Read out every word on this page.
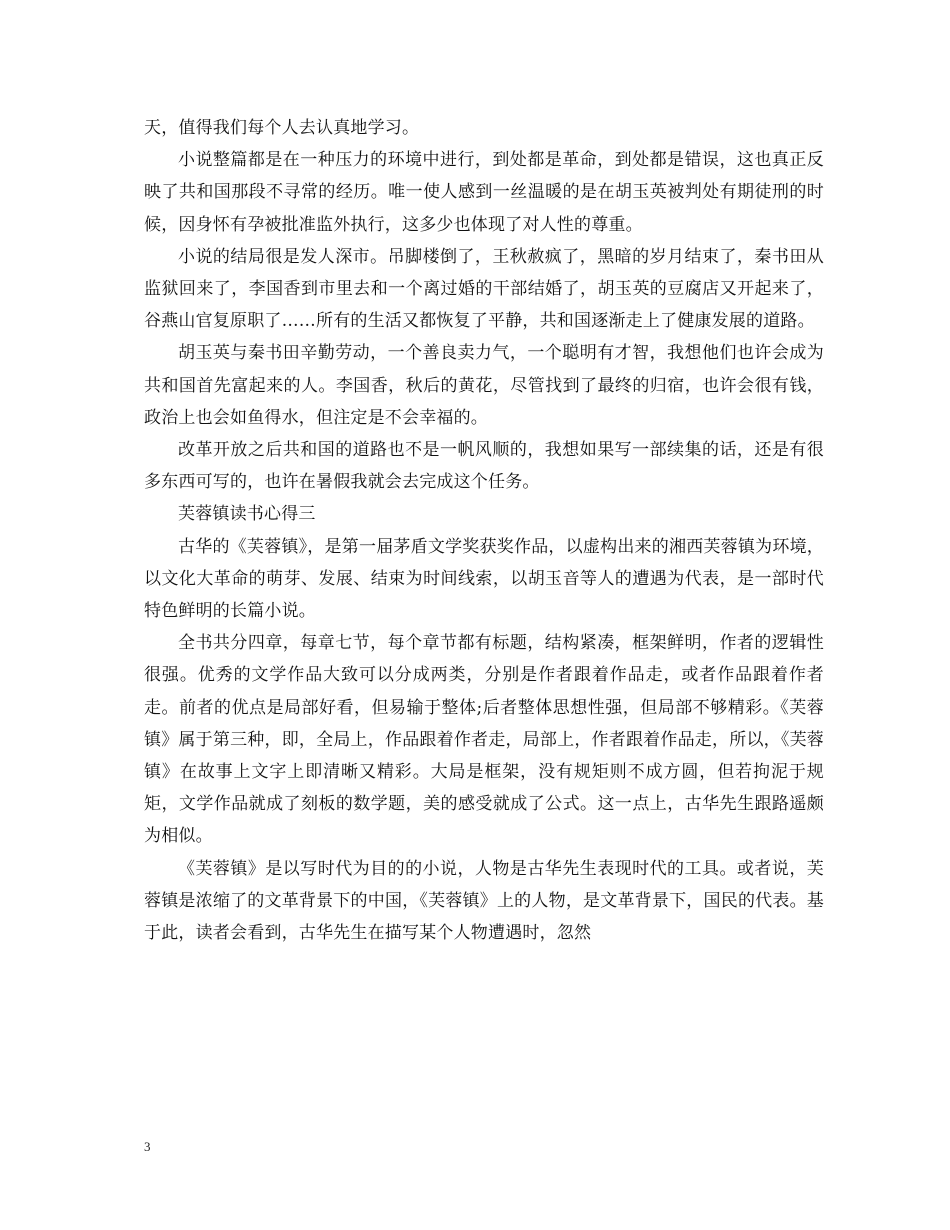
天，值得我们每个人去认真地学习。

小说整篇都是在一种压力的环境中进行，到处都是革命，到处都是错误，这也真正反映了共和国那段不寻常的经历。唯一使人感到一丝温暖的是在胡玉英被判处有期徒刑的时候，因身怀有孕被批准监外执行，这多少也体现了对人性的尊重。

小说的结局很是发人深市。吊脚楼倒了，王秋赦疯了，黑暗的岁月结束了，秦书田从监狱回来了，李国香到市里去和一个离过婚的干部结婚了，胡玉英的豆腐店又开起来了，谷燕山官复原职了……所有的生活又都恢复了平静，共和国逐渐走上了健康发展的道路。

胡玉英与秦书田辛勤劳动，一个善良卖力气，一个聪明有才智，我想他们也许会成为共和国首先富起来的人。李国香，秋后的黄花，尽管找到了最终的归宿，也许会很有钱，政治上也会如鱼得水，但注定是不会幸福的。

改革开放之后共和国的道路也不是一帆风顺的，我想如果写一部续集的话，还是有很多东西可写的，也许在暑假我就会去完成这个任务。

芙蓉镇读书心得三

古华的《芙蓉镇》，是第一届茅盾文学奖获奖作品，以虚构出来的湘西芙蓉镇为环境，以文化大革命的萌芽、发展、结束为时间线索，以胡玉音等人的遭遇为代表，是一部时代特色鲜明的长篇小说。

全书共分四章，每章七节，每个章节都有标题，结构紧凑，框架鲜明，作者的逻辑性很强。优秀的文学作品大致可以分成两类，分别是作者跟着作品走，或者作品跟着作者走。前者的优点是局部好看，但易输于整体;后者整体思想性强，但局部不够精彩。《芙蓉镇》属于第三种，即，全局上，作品跟着作者走，局部上，作者跟着作品走，所以，《芙蓉镇》在故事上文字上即清晰又精彩。大局是框架，没有规矩则不成方圆，但若拘泥于规矩，文学作品就成了刻板的数学题，美的感受就成了公式。这一点上，古华先生跟路遥颇为相似。

《芙蓉镇》是以写时代为目的的小说，人物是古华先生表现时代的工具。或者说，芙蓉镇是浓缩了的文革背景下的中国，《芙蓉镇》上的人物，是文革背景下，国民的代表。基于此，读者会看到，古华先生在描写某个人物遭遇时，忽然

3
